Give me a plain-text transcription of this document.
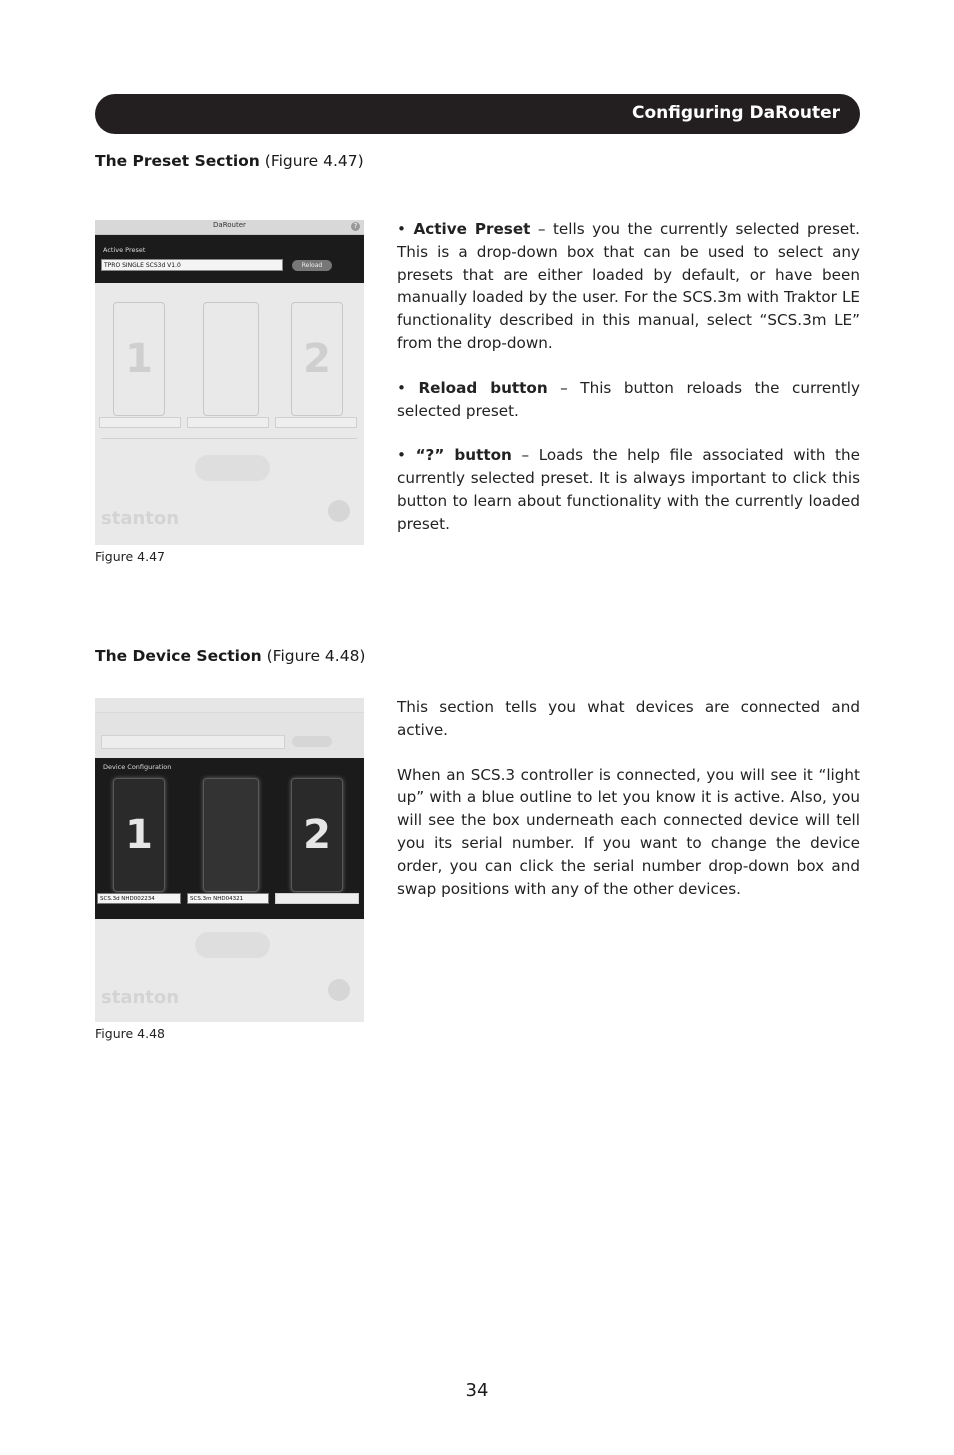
Configuring DaRouter
The Preset Section (Figure 4.47)
DaRouter	?
Active Preset
TPRO SINGLE SCS3d V1.0	Reload
1	2
stanton
Figure 4.47

• Active Preset – tells you the currently selected preset. This is a drop-down box that can be used to select any presets that are either loaded by default, or have been manually loaded by the user. For the SCS.3m with Traktor LE functionality described in this manual, select “SCS.3m LE” from the drop-down.

• Reload button – This button reloads the currently selected preset.

• “?” button – Loads the help file associated with the currently selected preset. It is always important to click this button to learn about functionality with the currently loaded preset.

The Device Section (Figure 4.48)
Device Configuration
1	2
SCS.3d NHD002234	SCS.3m NHD04321
stanton
Figure 4.48

This section tells you what devices are connected and active.

When an SCS.3 controller is connected, you will see it “light up” with a blue outline to let you know it is active. Also, you will see the box underneath each connected device will tell you its serial number. If you want to change the device order, you can click the serial number drop-down box and swap positions with any of the other devices.

34
